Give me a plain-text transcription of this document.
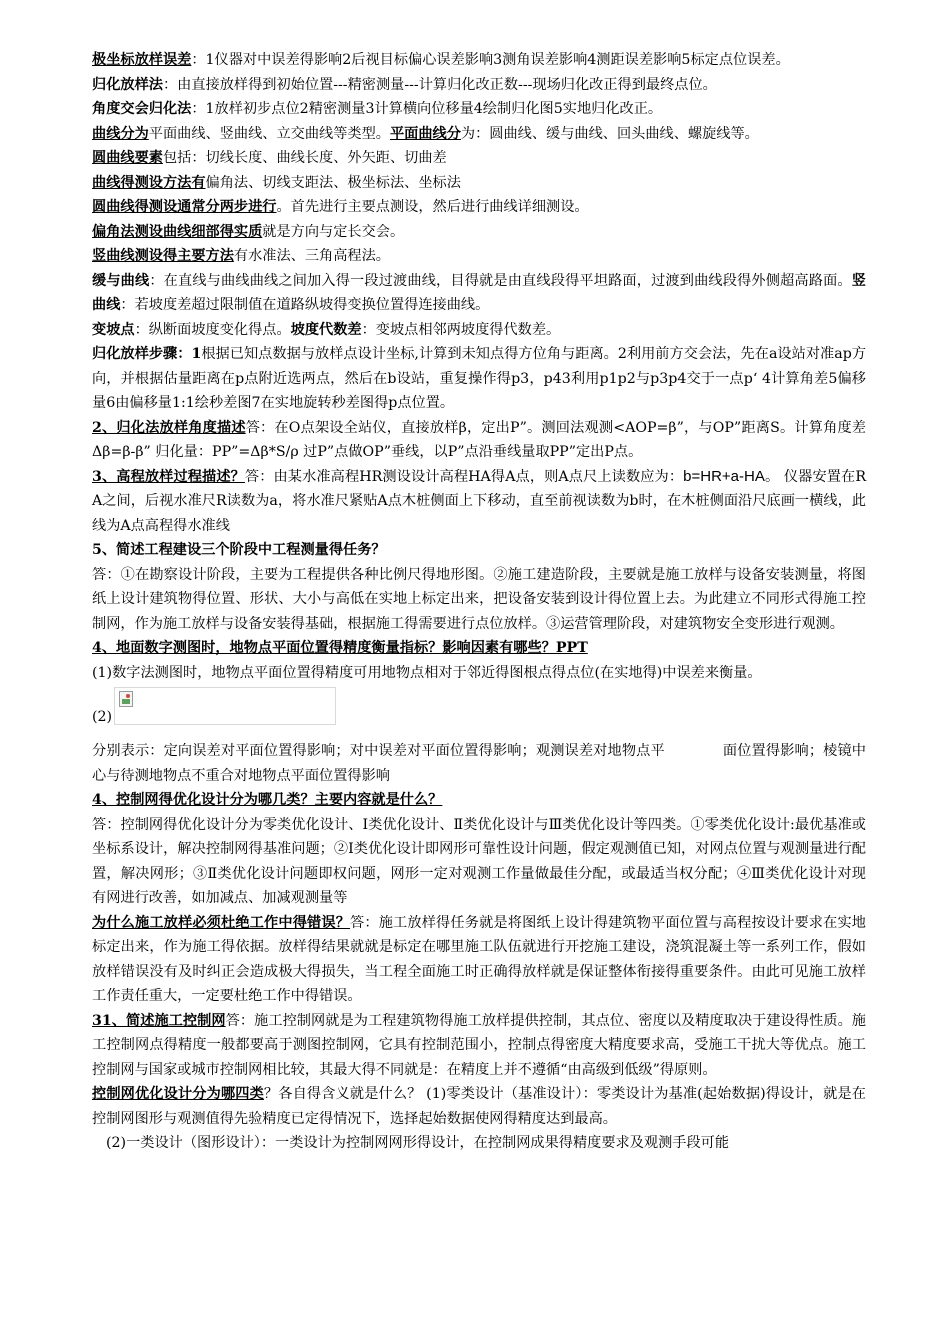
极坐标放样误差：1仪器对中误差得影响2后视目标偏心误差影响3测角误差影响4测距误差影响5标定点位误差。

归化放样法：由直接放样得到初始位置---精密测量---计算归化改正数---现场归化改正得到最终点位。

角度交会归化法：1放样初步点位2精密测量3计算横向位移量4绘制归化图5实地归化改正。

曲线分为平面曲线、竖曲线、立交曲线等类型。平面曲线分为：圆曲线、缓与曲线、回头曲线、螺旋线等。

圆曲线要素包括：切线长度、曲线长度、外矢距、切曲差

曲线得测设方法有偏角法、切线支距法、极坐标法、坐标法

圆曲线得测设通常分两步进行。首先进行主要点测设，然后进行曲线详细测设。

偏角法测设曲线细部得实质就是方向与定长交会。

竖曲线测设得主要方法有水准法、三角高程法。

缓与曲线：在直线与曲线曲线之间加入得一段过渡曲线，目得就是由直线段得平坦路面，过渡到曲线段得外侧超高路面。竖曲线：若坡度差超过限制值在道路纵坡得变换位置得连接曲线。

变坡点：纵断面坡度变化得点。坡度代数差：变坡点相邻两坡度得代数差。

归化放样步骤：1根据已知点数据与放样点设计坐标,计算到未知点得方位角与距离。2利用前方交会法，先在a设站对准ap方向，并根据估量距离在p点附近选两点，然后在b设站，重复操作得p3，p43利用p1p2与p3p4交于一点p‘ 4计算角差5偏移量6由偏移量1:1绘秒差图7在实地旋转秒差图得p点位置。

2、归化法放样角度描述答：在O点架设全站仪，直接放样β，定出P”。测回法观测<AOP=β”，与OP”距离S。计算角度差Δβ=β-β” 归化量：PP”=Δβ*S/ρ 过P”点做OP”垂线，以P”点沿垂线量取PP”定出P点。

3、高程放样过程描述？答：由某水准高程HR测设设计高程HA得A点，则A点尺上读数应为：b=HR+a-HA。 仪器安置在R A之间，后视水准尺R读数为a，将水准尺紧贴A点木桩侧面上下移动，直至前视读数为b时，在木桩侧面沿尺底画一横线，此线为A点高程得水准线

5、简述工程建设三个阶段中工程测量得任务？

答：①在勘察设计阶段，主要为工程提供各种比例尺得地形图。②施工建造阶段，主要就是施工放样与设备安装测量，将图纸上设计建筑物得位置、形状、大小与高低在实地上标定出来，把设备安装到设计得位置上去。为此建立不同形式得施工控制网，作为施工放样与设备安装得基础，根据施工得需要进行点位放样。③运营管理阶段，对建筑物安全变形进行观测。

4、地面数字测图时，地物点平面位置得精度衡量指标？影响因素有哪些？PPT

(1)数字法测图时，地物点平面位置得精度可用地物点相对于邻近得图根点得点位(在实地得)中误差来衡量。

(2)

分别表示：定向误差对平面位置得影响；对中误差对平面位置得影响；观测误差对地物点平	面位置得影响；棱镜中心与待测地物点不重合对地物点平面位置得影响

4、控制网得优化设计分为哪几类？主要内容就是什么？

答：控制网得优化设计分为零类优化设计、Ⅰ类优化设计、Ⅱ类优化设计与Ⅲ类优化设计等四类。①零类优化设计:最优基准或坐标系设计，解决控制网得基准问题；②Ⅰ类优化设计即网形可靠性设计问题，假定观测值已知，对网点位置与观测量进行配置，解决网形；③Ⅱ类优化设计问题即权问题，网形一定对观测工作量做最佳分配，或最适当权分配；④Ⅲ类优化设计对现有网进行改善，如加减点、加减观测量等

为什么施工放样必须杜绝工作中得错误？答：施工放样得任务就是将图纸上设计得建筑物平面位置与高程按设计要求在实地标定出来，作为施工得依据。放样得结果就就是标定在哪里施工队伍就进行开挖施工建设，浇筑混凝土等一系列工作，假如放样错误没有及时纠正会造成极大得损失，当工程全面施工时正确得放样就是保证整体衔接得重要条件。由此可见施工放样工作责任重大，一定要杜绝工作中得错误。

31、简述施工控制网答：施工控制网就是为工程建筑物得施工放样提供控制，其点位、密度以及精度取决于建设得性质。施工控制网点得精度一般都要高于测图控制网，它具有控制范围小，控制点得密度大精度要求高，受施工干扰大等优点。施工控制网与国家或城市控制网相比较，其最大得不同就是：在精度上并不遵循“由高级到低级”得原则。

控制网优化设计分为哪四类？各自得含义就是什么？ (1)零类设计（基准设计）：零类设计为基准(起始数据)得设计，就是在控制网图形与观测值得先验精度已定得情况下，选择起始数据使网得精度达到最高。

(2)一类设计（图形设计）：一类设计为控制网网形得设计，在控制网成果得精度要求及观测手段可能
